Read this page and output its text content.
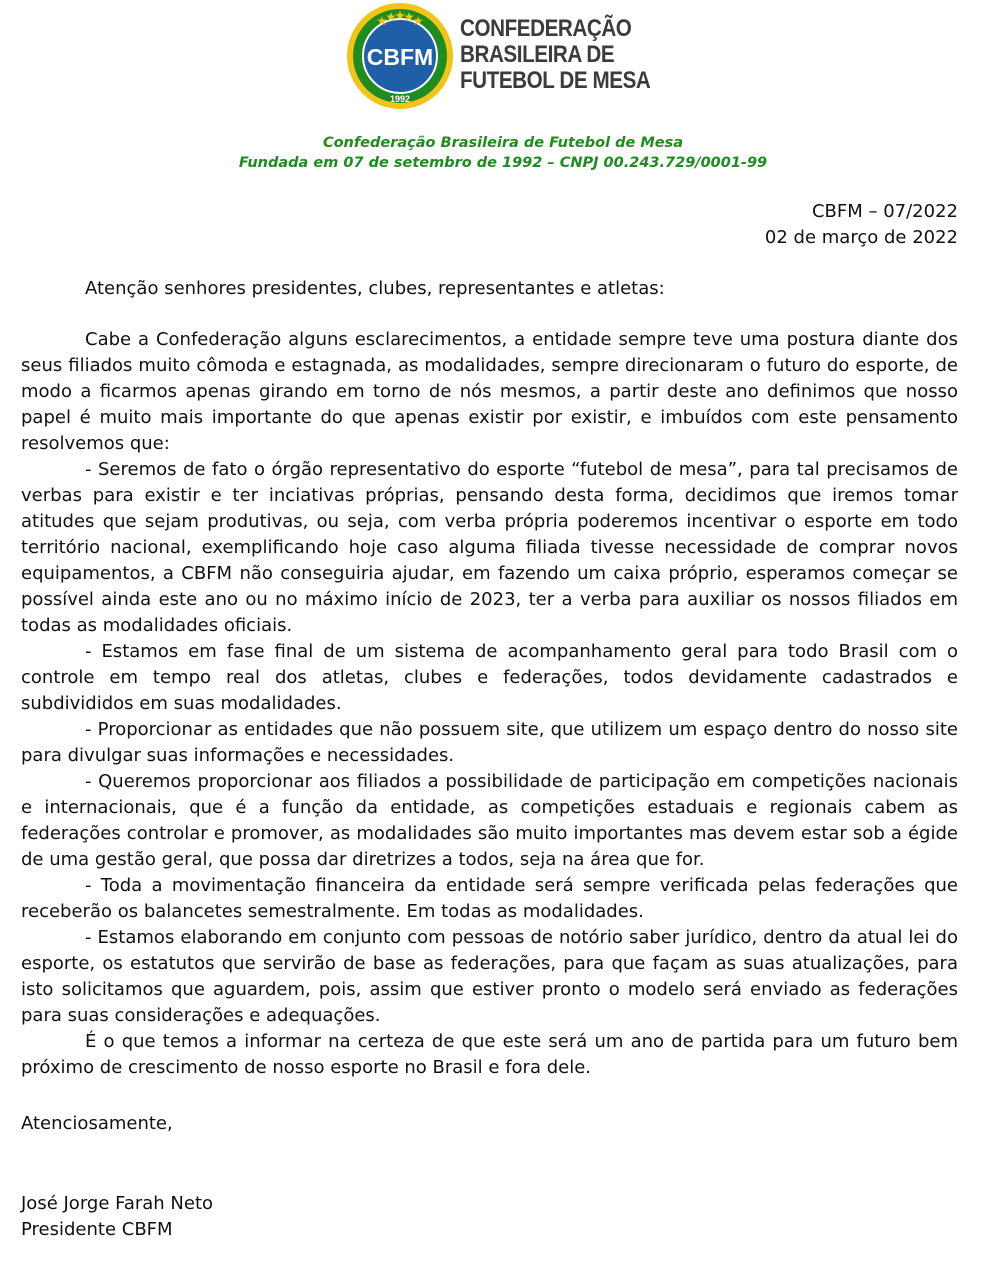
CBFM
1992
CONFEDERAÇÃO
BRASILEIRA DE
FUTEBOL DE MESA
Confederação Brasileira de Futebol de Mesa
Fundada em 07 de setembro de 1992 – CNPJ 00.243.729/0001-99
CBFM – 07/2022
02 de março de 2022
Atenção senhores presidentes, clubes, representantes e atletas:

Cabe a Confederação alguns esclarecimentos, a entidade sempre teve uma postura diante dos seus filiados muito cômoda e estagnada, as modalidades, sempre direcionaram o futuro do esporte, de modo a ficarmos apenas girando em torno de nós mesmos, a partir deste ano definimos que nosso papel é muito mais importante do que apenas existir por existir, e imbuídos com este pensamento resolvemos que:

- Seremos de fato o órgão representativo do esporte “futebol de mesa”, para tal precisamos de verbas para existir e ter inciativas próprias, pensando desta forma, decidimos que iremos tomar atitudes que sejam produtivas, ou seja, com verba própria poderemos incentivar o esporte em todo território nacional, exemplificando hoje caso alguma filiada tivesse necessidade de comprar novos equipamentos, a CBFM não conseguiria ajudar, em fazendo um caixa próprio, esperamos começar se possível ainda este ano ou no máximo início de 2023, ter a verba para auxiliar os nossos filiados em todas as modalidades oficiais.

- Estamos em fase final de um sistema de acompanhamento geral para todo Brasil com o controle em tempo real dos atletas, clubes e federações, todos devidamente cadastrados e subdivididos em suas modalidades.

- Proporcionar as entidades que não possuem site, que utilizem um espaço dentro do nosso site para divulgar suas informações e necessidades.

- Queremos proporcionar aos filiados a possibilidade de participação em competições nacionais e internacionais, que é a função da entidade, as competições estaduais e regionais cabem as federações controlar e promover, as modalidades são muito importantes mas devem estar sob a égide de uma gestão geral, que possa dar diretrizes a todos, seja na área que for.

- Toda a movimentação financeira da entidade será sempre verificada pelas federações que receberão os balancetes semestralmente. Em todas as modalidades.

- Estamos elaborando em conjunto com pessoas de notório saber jurídico, dentro da atual lei do esporte, os estatutos que servirão de base as federações, para que façam as suas atualizações, para isto solicitamos que aguardem, pois, assim que estiver pronto o modelo será enviado as federações para suas considerações e adequações.

É o que temos a informar na certeza de que este será um ano de partida para um futuro bem próximo de crescimento de nosso esporte no Brasil e fora dele.

Atenciosamente,
José Jorge Farah Neto
Presidente CBFM
